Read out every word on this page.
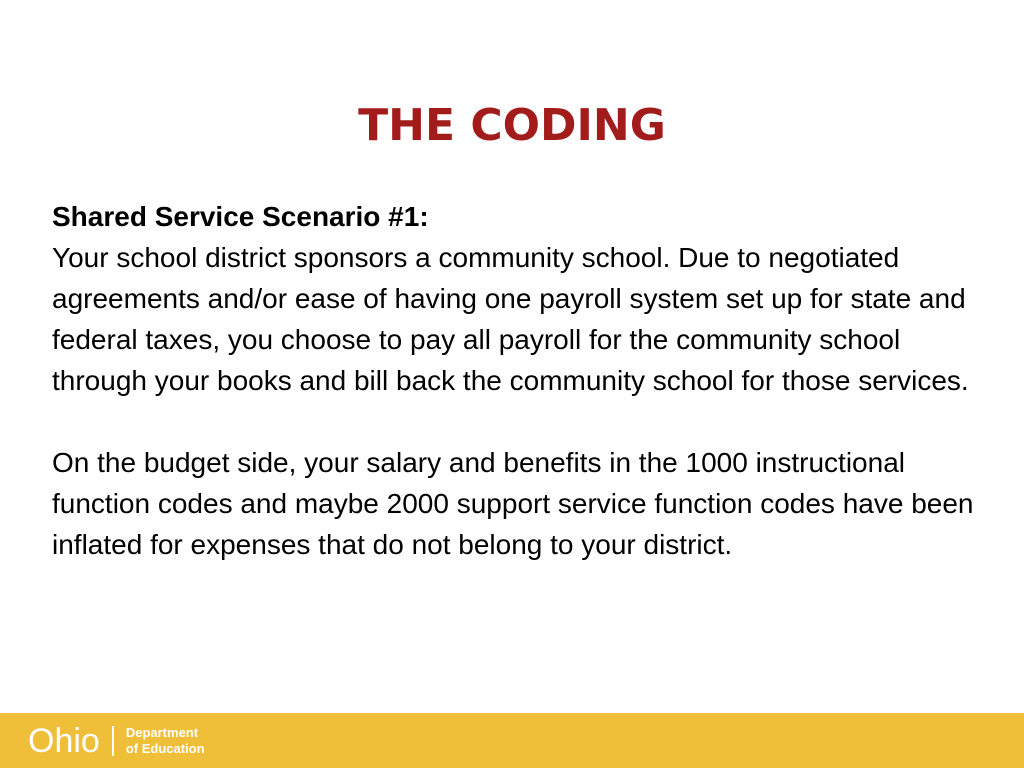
THE CODING
Shared Service Scenario #1:

Your school district sponsors a community school. Due to negotiated agreements and/or ease of having one payroll system set up for state and federal taxes, you choose to pay all payroll for the community school through your books and bill back the community school for those services.

On the budget side, your salary and benefits in the 1000 instructional function codes and maybe 2000 support service function codes have been inflated for expenses that do not belong to your district.

Ohio Department
of Education
